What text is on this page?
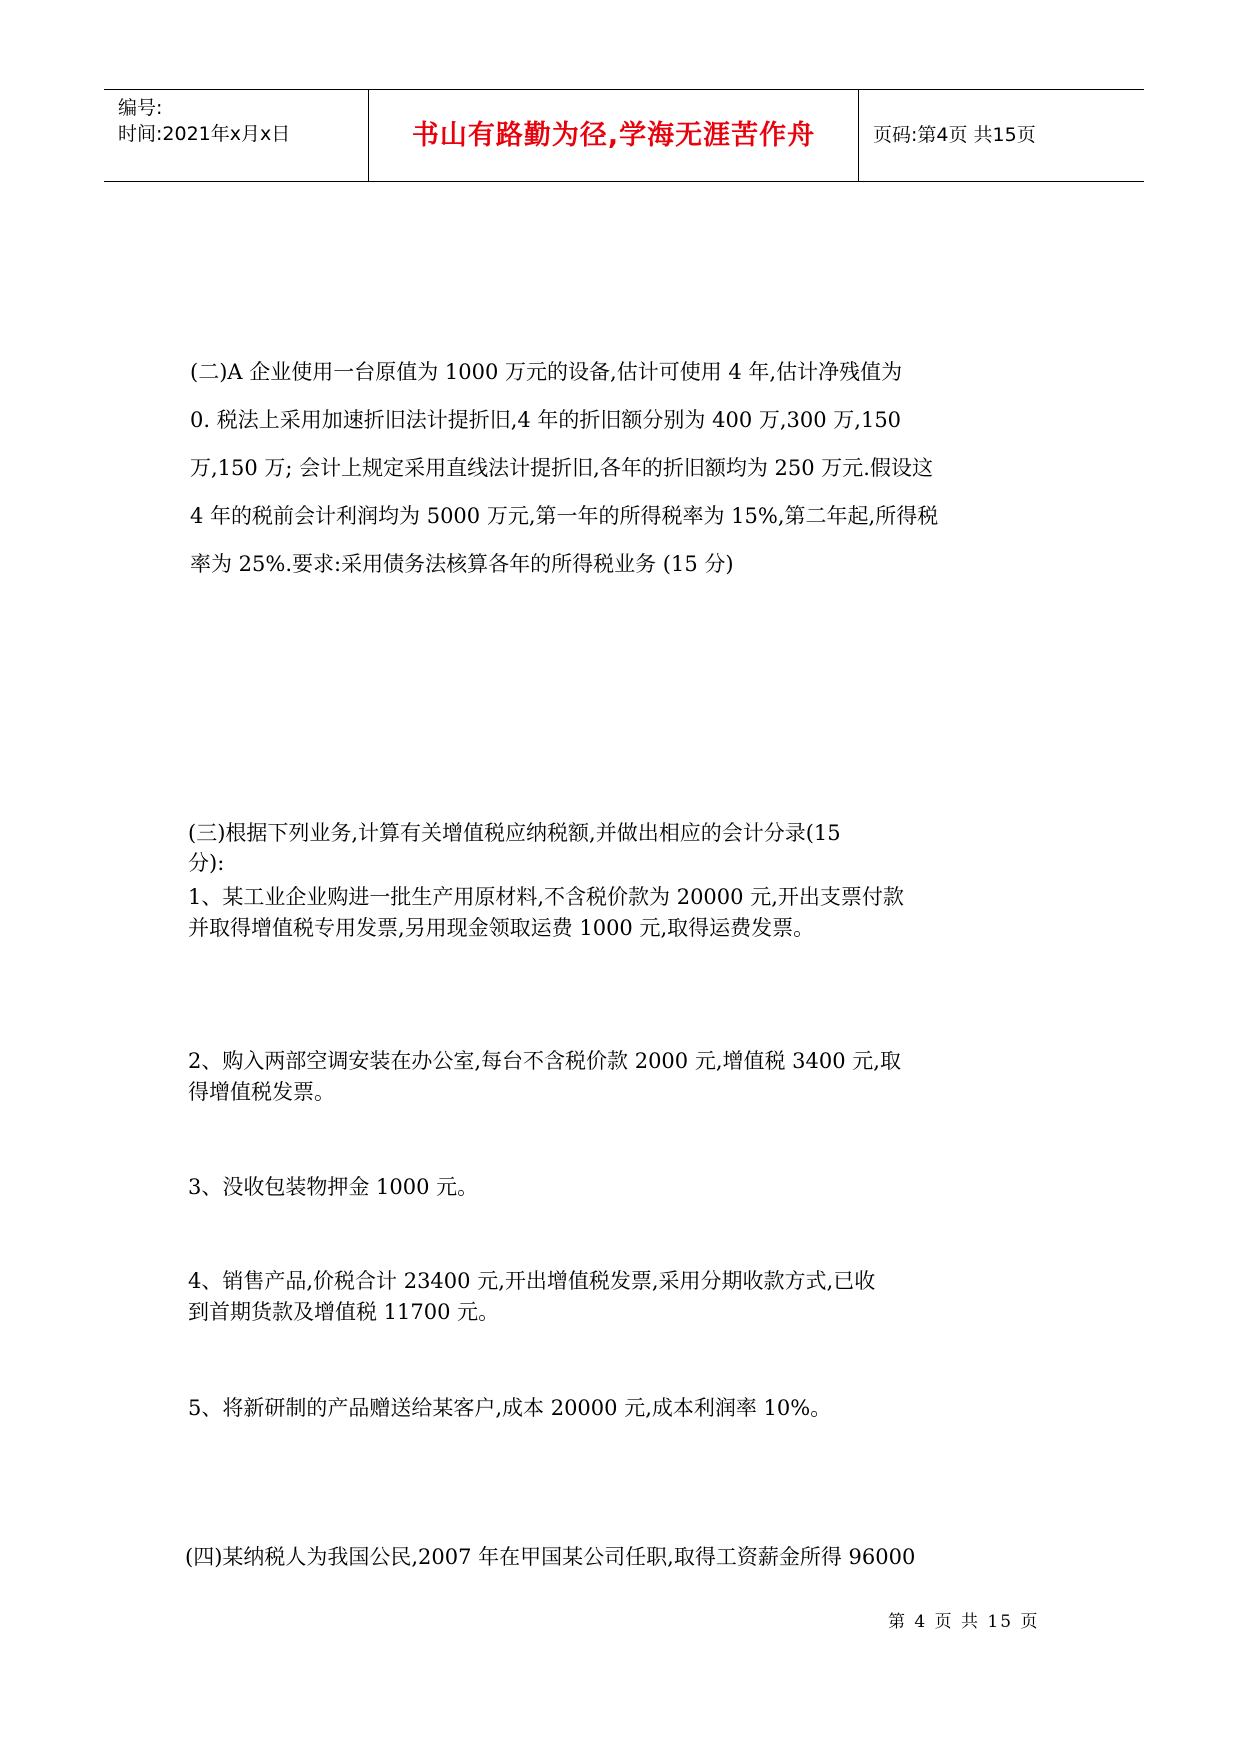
编号:
时间:2021年x月x日	书山有路勤为径,学海无涯苦作舟	页码:第4页 共15页
(二)A 企业使用一台原值为 1000 万元的设备,估计可使用 4 年,估计净残值为
0. 税法上采用加速折旧法计提折旧,4 年的折旧额分别为 400 万,300 万,150
万,150 万; 会计上规定采用直线法计提折旧,各年的折旧额均为 250 万元.假设这
4 年的税前会计利润均为 5000 万元,第一年的所得税率为 15%,第二年起,所得税
率为 25%.要求:采用债务法核算各年的所得税业务 (15 分)
(三)根据下列业务,计算有关增值税应纳税额,并做出相应的会计分录(15
分):
1、某工业企业购进一批生产用原材料,不含税价款为 20000 元,开出支票付款
并取得增值税专用发票,另用现金领取运费 1000 元,取得运费发票。
2、购入两部空调安装在办公室,每台不含税价款 2000 元,增值税 3400 元,取
得增值税发票。
3、没收包装物押金 1000 元。
4、销售产品,价税合计 23400 元,开出增值税发票,采用分期收款方式,已收
到首期货款及增值税 11700 元。
5、将新研制的产品赠送给某客户,成本 20000 元,成本利润率 10%。
(四)某纳税人为我国公民,2007 年在甲国某公司任职,取得工资薪金所得 96000
第 4 页 共 15 页
